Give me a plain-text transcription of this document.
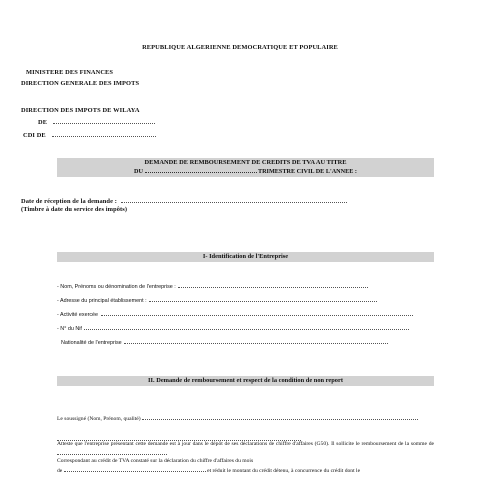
REPUBLIQUE ALGERIENNE DEMOCRATIQUE ET POPULAIRE
MINISTERE DES FINANCES
DIRECTION GENERALE DES IMPOTS
DIRECTION DES IMPOTS DE WILAYA
DE
CDI DE
DEMANDE DE REMBOURSEMENT DE CREDITS DE TVA AU TITRE
DU	TRIMESTRE CIVIL DE L'ANNEE :
Date de réception de la demande :
(Timbre à date du service des impôts)
I- Identification de l'Entreprise
- Nom, Prénoms ou dénomination de l'entreprise :
- Adresse du principal établissement :
- Activité exercée
- N° du Nif
Nationalité de l'entreprise
II. Demande de remboursement et respect de la condition de non report
Le soussigné (Nom, Prénom, qualité)
Atteste que l'entreprise présentant cette demande est à jour dans le dépôt de ses déclarations de chiffre d'affaires (G50). Il sollicite le remboursement de la somme de
Correspondant au crédit de TVA constaté sur la déclaration du chiffre d'affaires du mois
de	et réduit le montant du crédit détenu, à concurrence du crédit dont le
